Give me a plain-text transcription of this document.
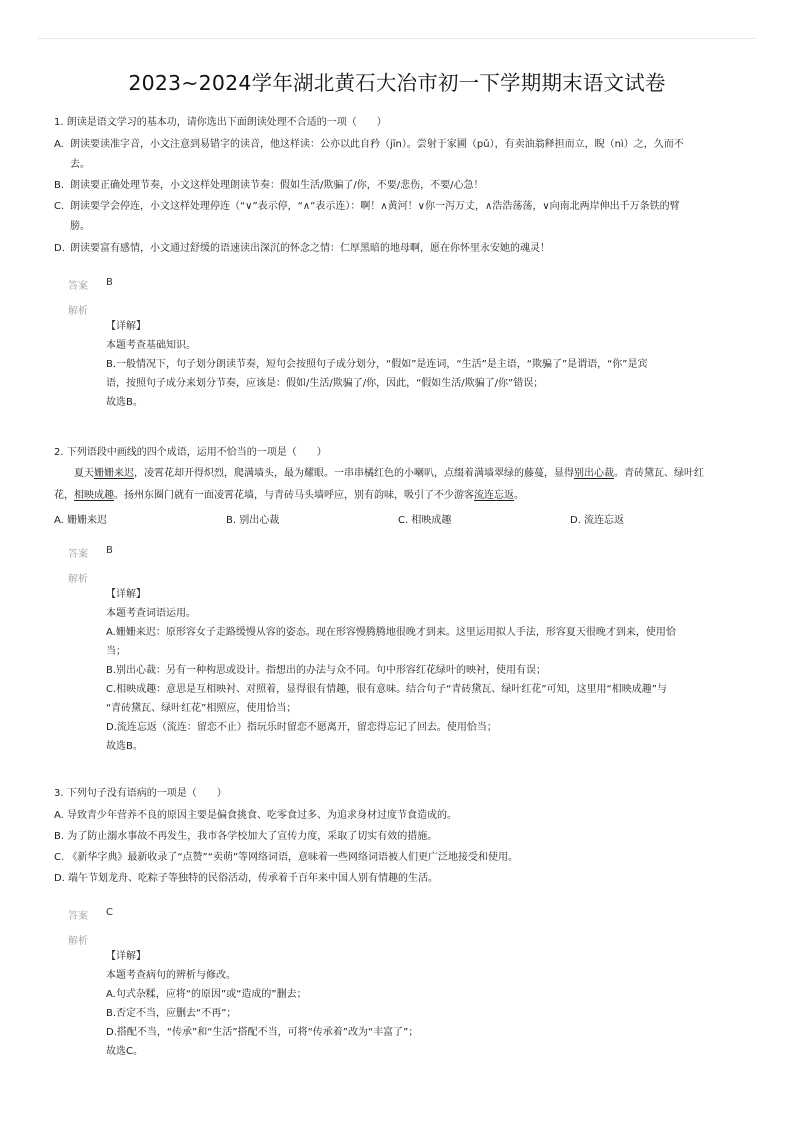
2023~2024学年湖北黄石大冶市初一下学期期末语文试卷
1. 朗读是语文学习的基本功，请你选出下面朗读处理不合适的一项（　　）
A. 朗读要读准字音，小文注意到易错字的读音，他这样读：公亦以此自矜（jīn）。尝射于家圃（pǔ），有卖油翁释担而立，睨（nì）之，久而不
去。
B. 朗读要正确处理节奏，小文这样处理朗读节奏：假如生活/欺骗了/你，不要/悲伤，不要/心急！
C. 朗读要学会停连，小文这样处理停连（“∨”表示停，“∧”表示连）：啊！∧黄河！∨你一泻万丈，∧浩浩荡荡，∨向南北两岸伸出千万条铁的臂
膀。
D. 朗读要富有感情，小文通过舒缓的语速读出深沉的怀念之情：仁厚黑暗的地母啊，愿在你怀里永安她的魂灵！
答案 B
解析
【详解】
本题考查基础知识。
B.一般情况下，句子划分朗读节奏，短句会按照句子成分划分，“假如”是连词，“生活”是主语，“欺骗了”是谓语，“你”是宾
语，按照句子成分来划分节奏，应该是：假如/生活/欺骗了/你，因此，“假如生活/欺骗了/你”错误；
故选B。
2. 下列语段中画线的四个成语，运用不恰当的一项是（　　）
夏天姗姗来迟，凌霄花却开得炽烈，爬满墙头，最为耀眼。一串串橘红色的小喇叭，点缀着满墙翠绿的藤蔓，显得别出心裁。青砖黛瓦、绿叶红
花，相映成趣。扬州东圈门就有一面凌霄花墙，与青砖马头墙呼应，别有韵味，吸引了不少游客流连忘返。
A. 姗姗来迟	B. 别出心裁	C. 相映成趣	D. 流连忘返
答案 B
解析
【详解】
本题考查词语运用。
A.姗姗来迟：原形容女子走路缓慢从容的姿态。现在形容慢腾腾地很晚才到来。这里运用拟人手法，形容夏天很晚才到来，使用恰
当；
B.别出心裁：另有一种构思或设计。指想出的办法与众不同。句中形容红花绿叶的映衬，使用有误；
C.相映成趣：意思是互相映衬、对照着，显得很有情趣，很有意味。结合句子“青砖黛瓦、绿叶红花”可知，这里用“相映成趣”与
“青砖黛瓦、绿叶红花”相照应，使用恰当；
D.流连忘返（流连：留恋不止）指玩乐时留恋不愿离开，留恋得忘记了回去。使用恰当；
故选B。
3. 下列句子没有语病的一项是（　　）
A. 导致青少年营养不良的原因主要是偏食挑食、吃零食过多、为追求身材过度节食造成的。
B. 为了防止溺水事故不再发生，我市各学校加大了宣传力度，采取了切实有效的措施。
C. 《新华字典》最新收录了“点赞”“卖萌”等网络词语，意味着一些网络词语被人们更广泛地接受和使用。
D. 端午节划龙舟、吃粽子等独特的民俗活动，传承着千百年来中国人别有情趣的生活。
答案 C
解析
【详解】
本题考查病句的辨析与修改。
A.句式杂糅，应将“的原因”或“造成的”删去；
B.否定不当，应删去“不再”；
D.搭配不当，“传承”和“生活”搭配不当，可将“传承着”改为“丰富了”；
故选C。
